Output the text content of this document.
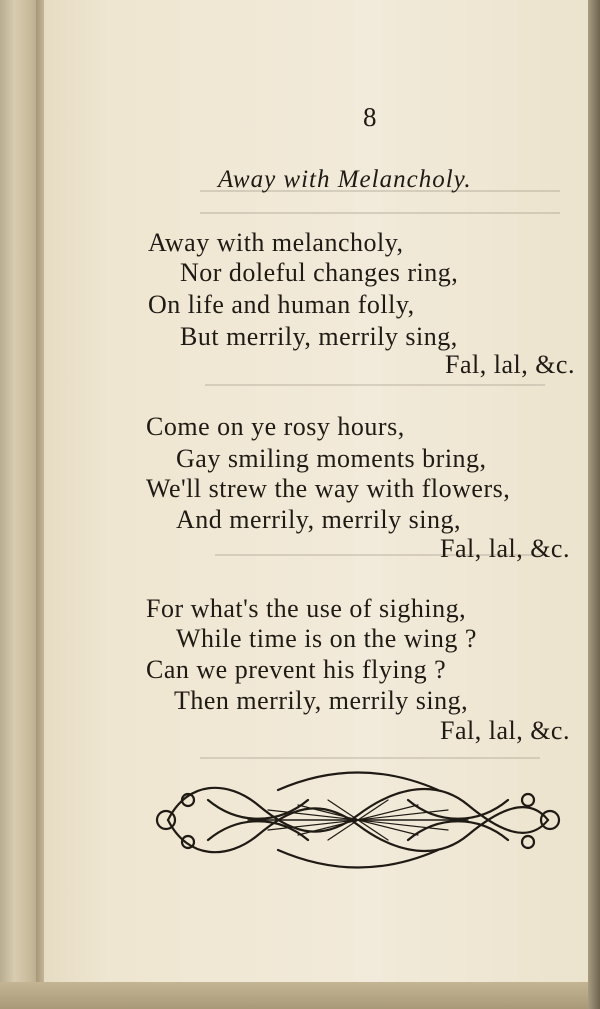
8
Away with Melancholy.
Away with melancholy,
Nor doleful changes ring,
On life and human folly,
But merrily, merrily sing,
Fal, lal, &c.
Come on ye rosy hours,
Gay smiling moments bring,
We'll strew the way with flowers,
And merrily, merrily sing,
Fal, lal, &c.
For what's the use of sighing,
While time is on the wing ?
Can we prevent his flying ?
Then merrily, merrily sing,
Fal, lal, &c.
